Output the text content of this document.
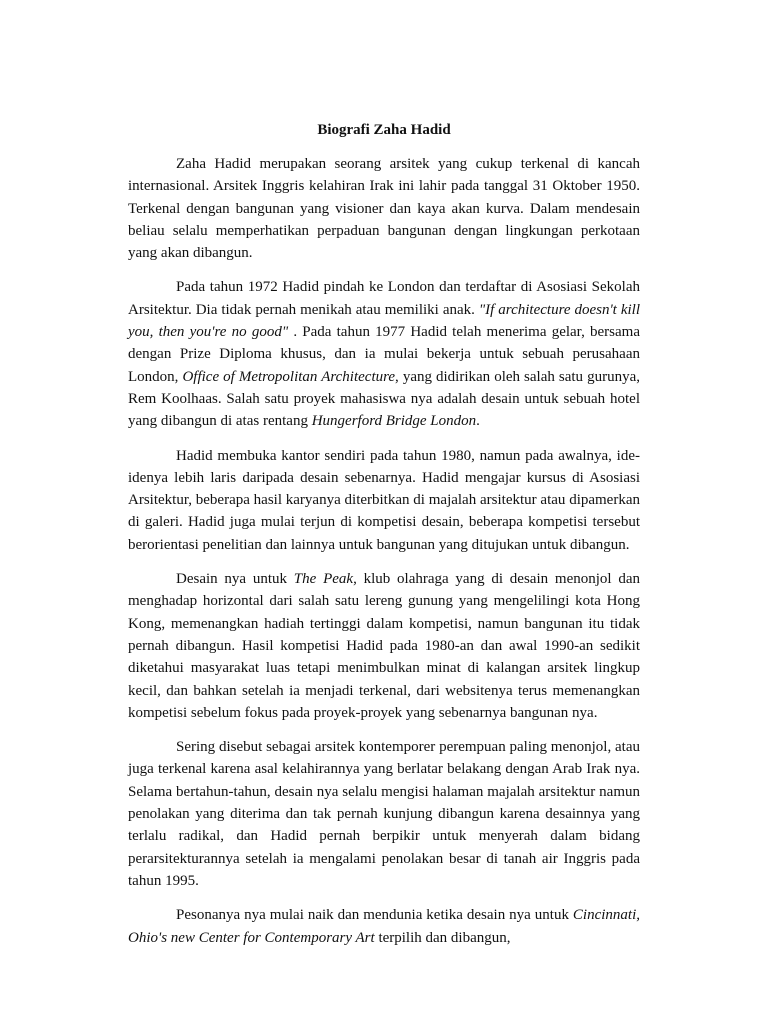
Biografi Zaha Hadid

Zaha Hadid merupakan seorang arsitek yang cukup terkenal di kancah internasional. Arsitek Inggris kelahiran Irak ini lahir pada tanggal 31 Oktober 1950. Terkenal dengan bangunan yang visioner dan kaya akan kurva. Dalam mendesain beliau selalu memperhatikan perpaduan bangunan dengan lingkungan perkotaan yang akan dibangun.

Pada tahun 1972 Hadid pindah ke London dan terdaftar di Asosiasi Sekolah Arsitektur. Dia tidak pernah menikah atau memiliki anak. "If architecture doesn't kill you, then you're no good" . Pada tahun 1977 Hadid telah menerima gelar, bersama dengan Prize Diploma khusus, dan ia mulai bekerja untuk sebuah perusahaan London, Office of Metropolitan Architecture, yang didirikan oleh salah satu gurunya, Rem Koolhaas. Salah satu proyek mahasiswa nya adalah desain untuk sebuah hotel yang dibangun di atas rentang Hungerford Bridge London.

Hadid membuka kantor sendiri pada tahun 1980, namun pada awalnya, ide-idenya lebih laris daripada desain sebenarnya. Hadid mengajar kursus di Asosiasi Arsitektur, beberapa hasil karyanya diterbitkan di majalah arsitektur atau dipamerkan di galeri. Hadid juga mulai terjun di kompetisi desain, beberapa kompetisi tersebut berorientasi penelitian dan lainnya untuk bangunan yang ditujukan untuk dibangun.

Desain nya untuk The Peak, klub olahraga yang di desain menonjol dan menghadap horizontal dari salah satu lereng gunung yang mengelilingi kota Hong Kong, memenangkan hadiah tertinggi dalam kompetisi, namun bangunan itu tidak pernah dibangun. Hasil kompetisi Hadid pada 1980-an dan awal 1990-an sedikit diketahui masyarakat luas tetapi menimbulkan minat di kalangan arsitek lingkup kecil, dan bahkan setelah ia menjadi terkenal, dari websitenya terus memenangkan kompetisi sebelum fokus pada proyek-proyek yang sebenarnya bangunan nya.

Sering disebut sebagai arsitek kontemporer perempuan paling menonjol, atau juga terkenal karena asal kelahirannya yang berlatar belakang dengan Arab Irak nya. Selama bertahun-tahun, desain nya selalu mengisi halaman majalah arsitektur namun penolakan yang diterima dan tak pernah kunjung dibangun karena desainnya yang terlalu radikal, dan Hadid pernah berpikir untuk menyerah dalam bidang perarsitekturannya setelah ia mengalami penolakan besar di tanah air Inggris pada tahun 1995.

Pesonanya nya mulai naik dan mendunia ketika desain nya untuk Cincinnati, Ohio's new Center for Contemporary Art terpilih dan dibangun,
